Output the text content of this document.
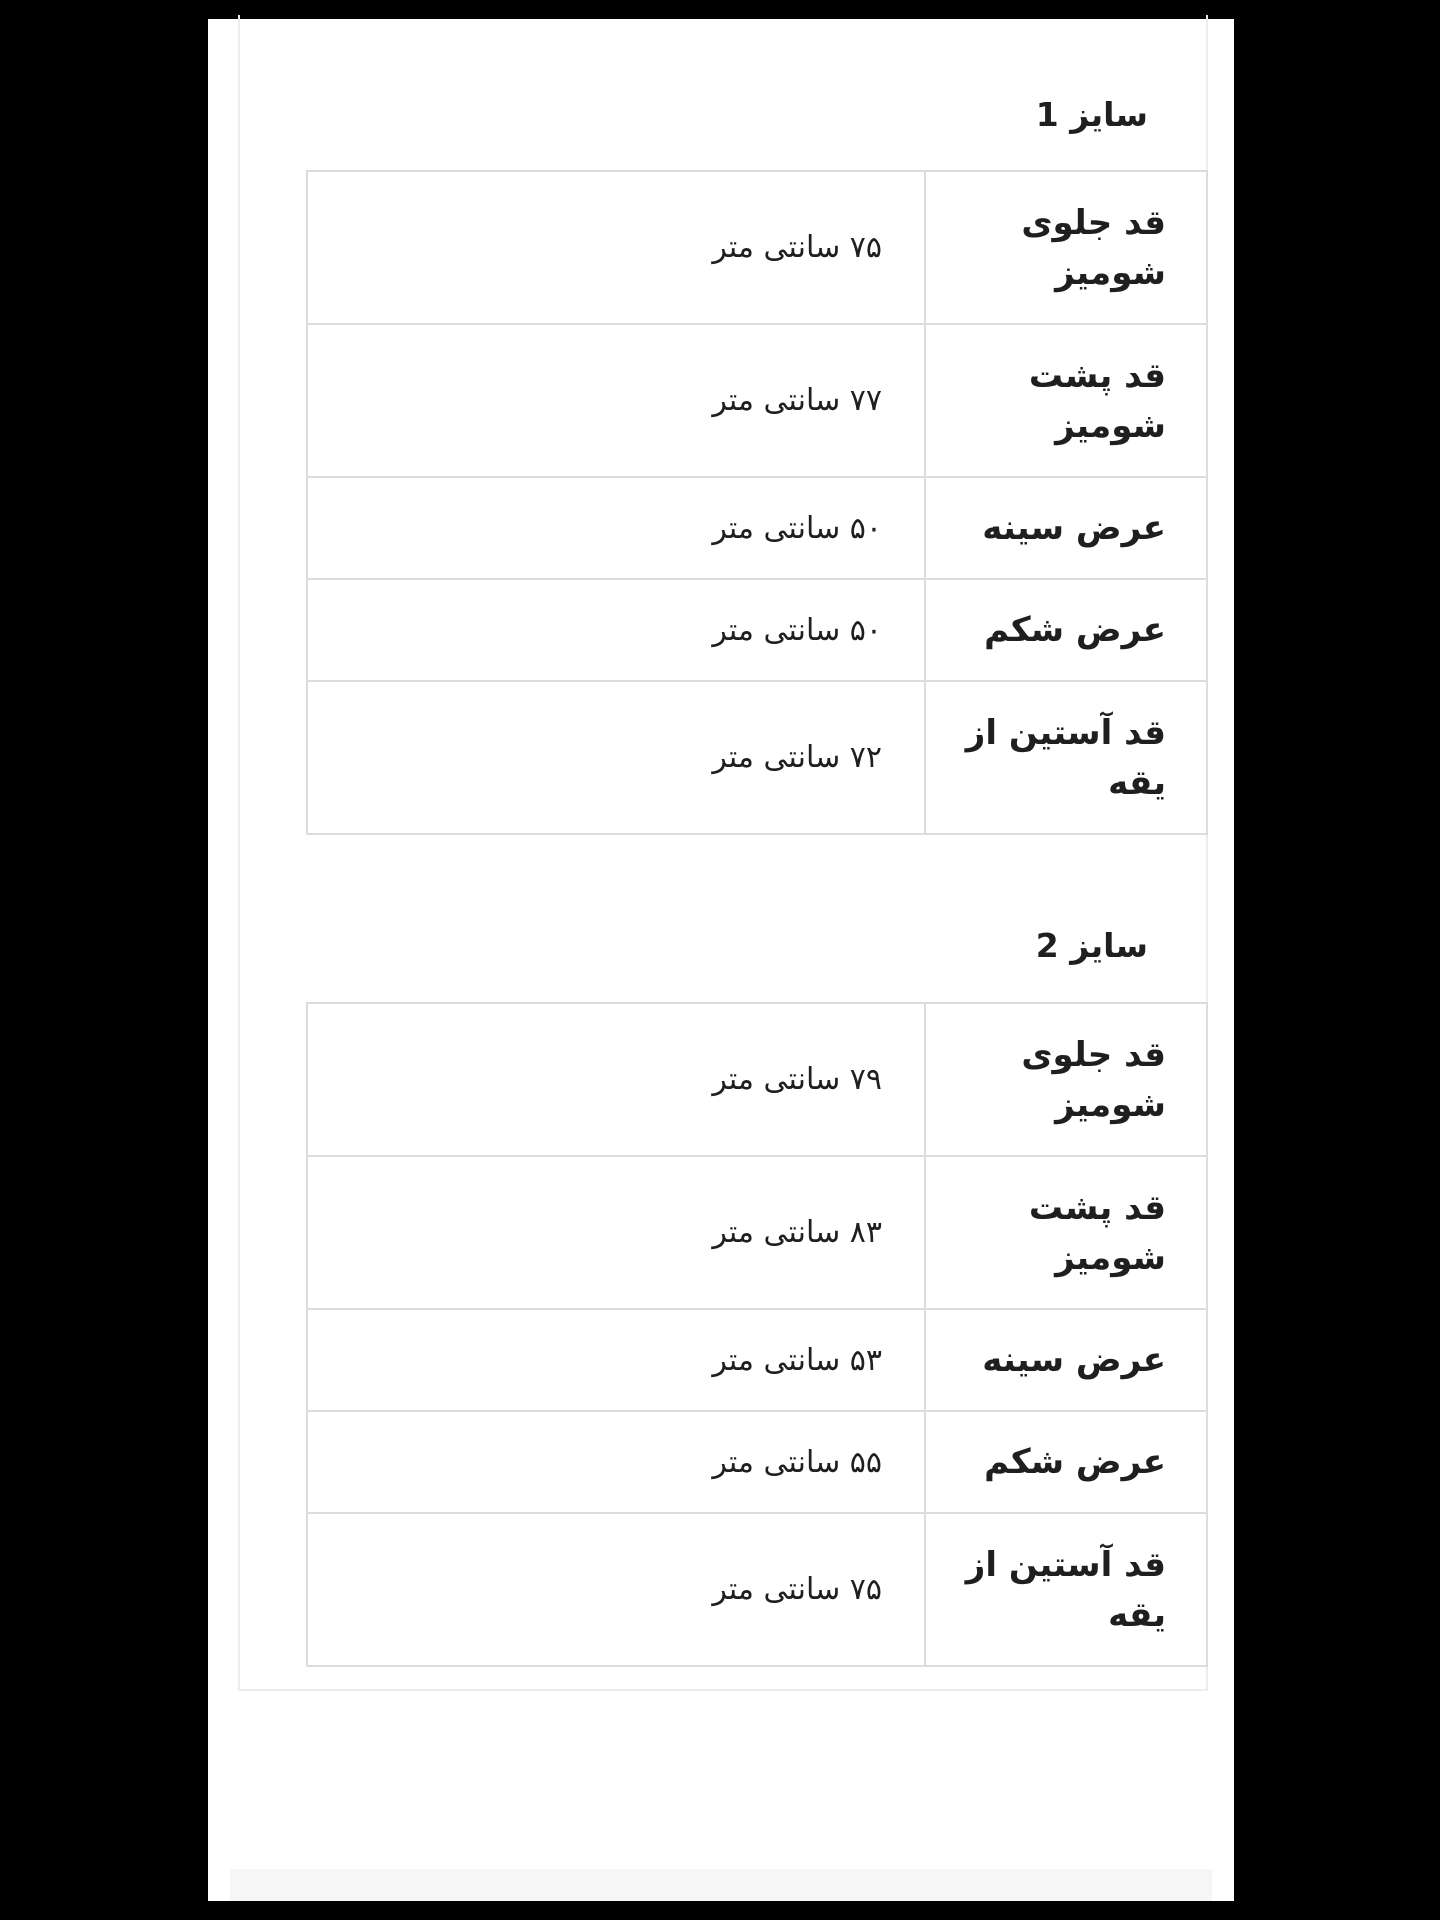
سایز 1
قد جلوی شومیز	۷۵ سانتی متر
قد پشت شومیز	۷۷ سانتی متر
عرض سینه	۵۰ سانتی متر
عرض شکم	۵۰ سانتی متر
قد آستین از یقه	۷۲ سانتی متر
سایز 2
قد جلوی شومیز	۷۹ سانتی متر
قد پشت شومیز	۸۳ سانتی متر
عرض سینه	۵۳ سانتی متر
عرض شکم	۵۵ سانتی متر
قد آستین از یقه	۷۵ سانتی متر
